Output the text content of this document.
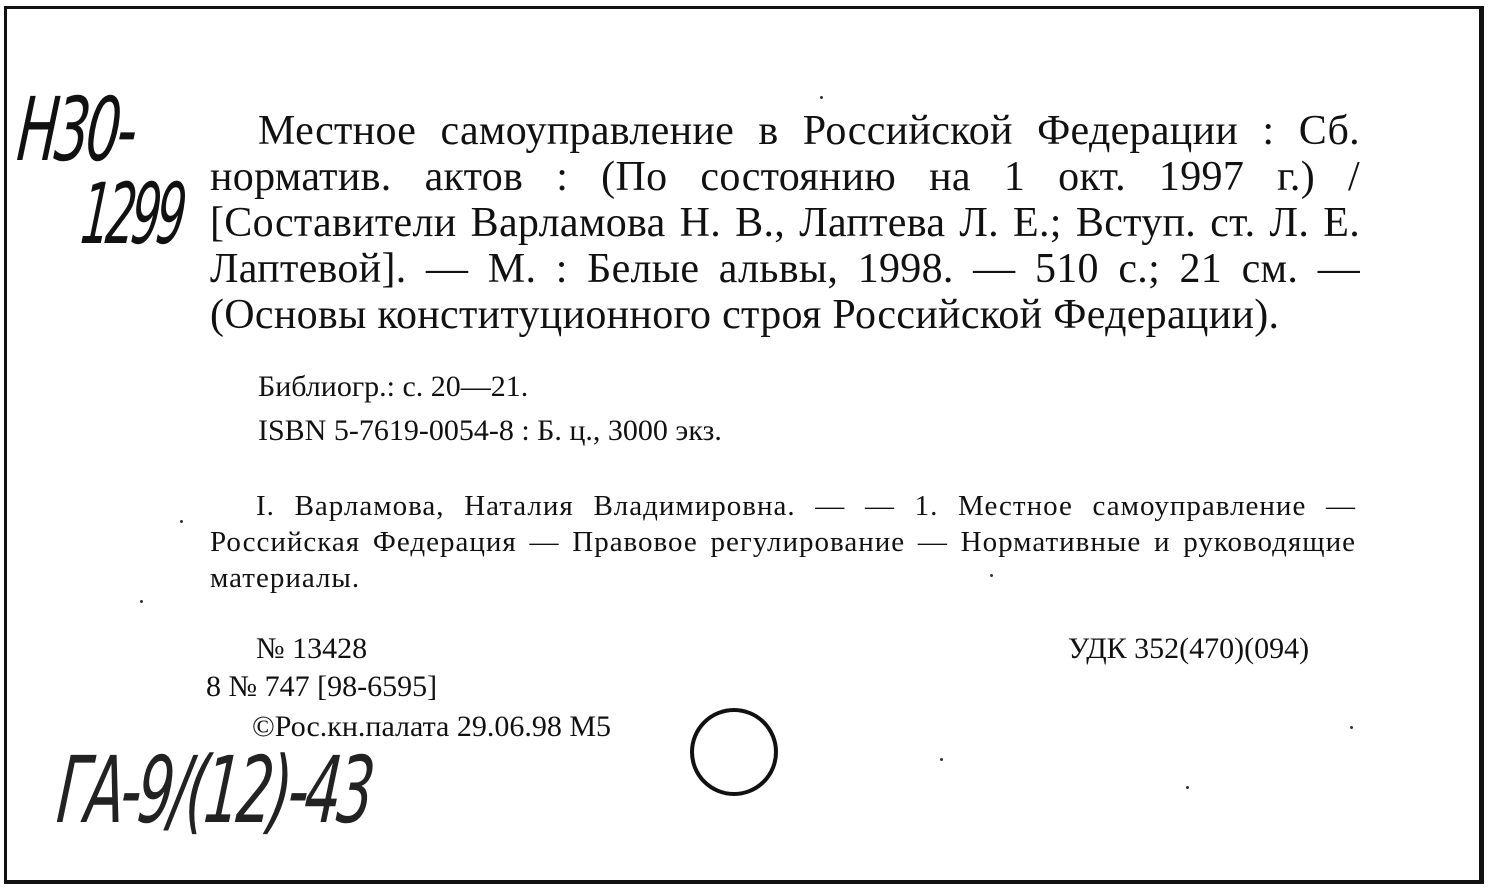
Н30-
1299
Местное самоуправление в Российской Федерации : Сб. норматив. актов : (По состоянию на 1 окт. 1997 г.) / [Составители Варламова Н. В., Лаптева Л. Е.; Вступ. ст. Л. Е. Лаптевой]. — М. : Белые альвы, 1998. — 510 с.; 21 см. — (Основы конституционного строя Российской Федерации).
Библиогр.: с. 20—21.
ISBN 5-7619-0054-8 : Б. ц., 3000 экз.
I. Варламова, Наталия Владимировна. — — 1. Местное самоуправление — Российская Федерация — Правовое регулирование — Нормативные и руководящие материалы.
№ 13428	УДК 352(470)(094)
8 № 747 [98-6595]
©Рос.кн.палата 29.06.98 М5
ГА-9/(12)-43
